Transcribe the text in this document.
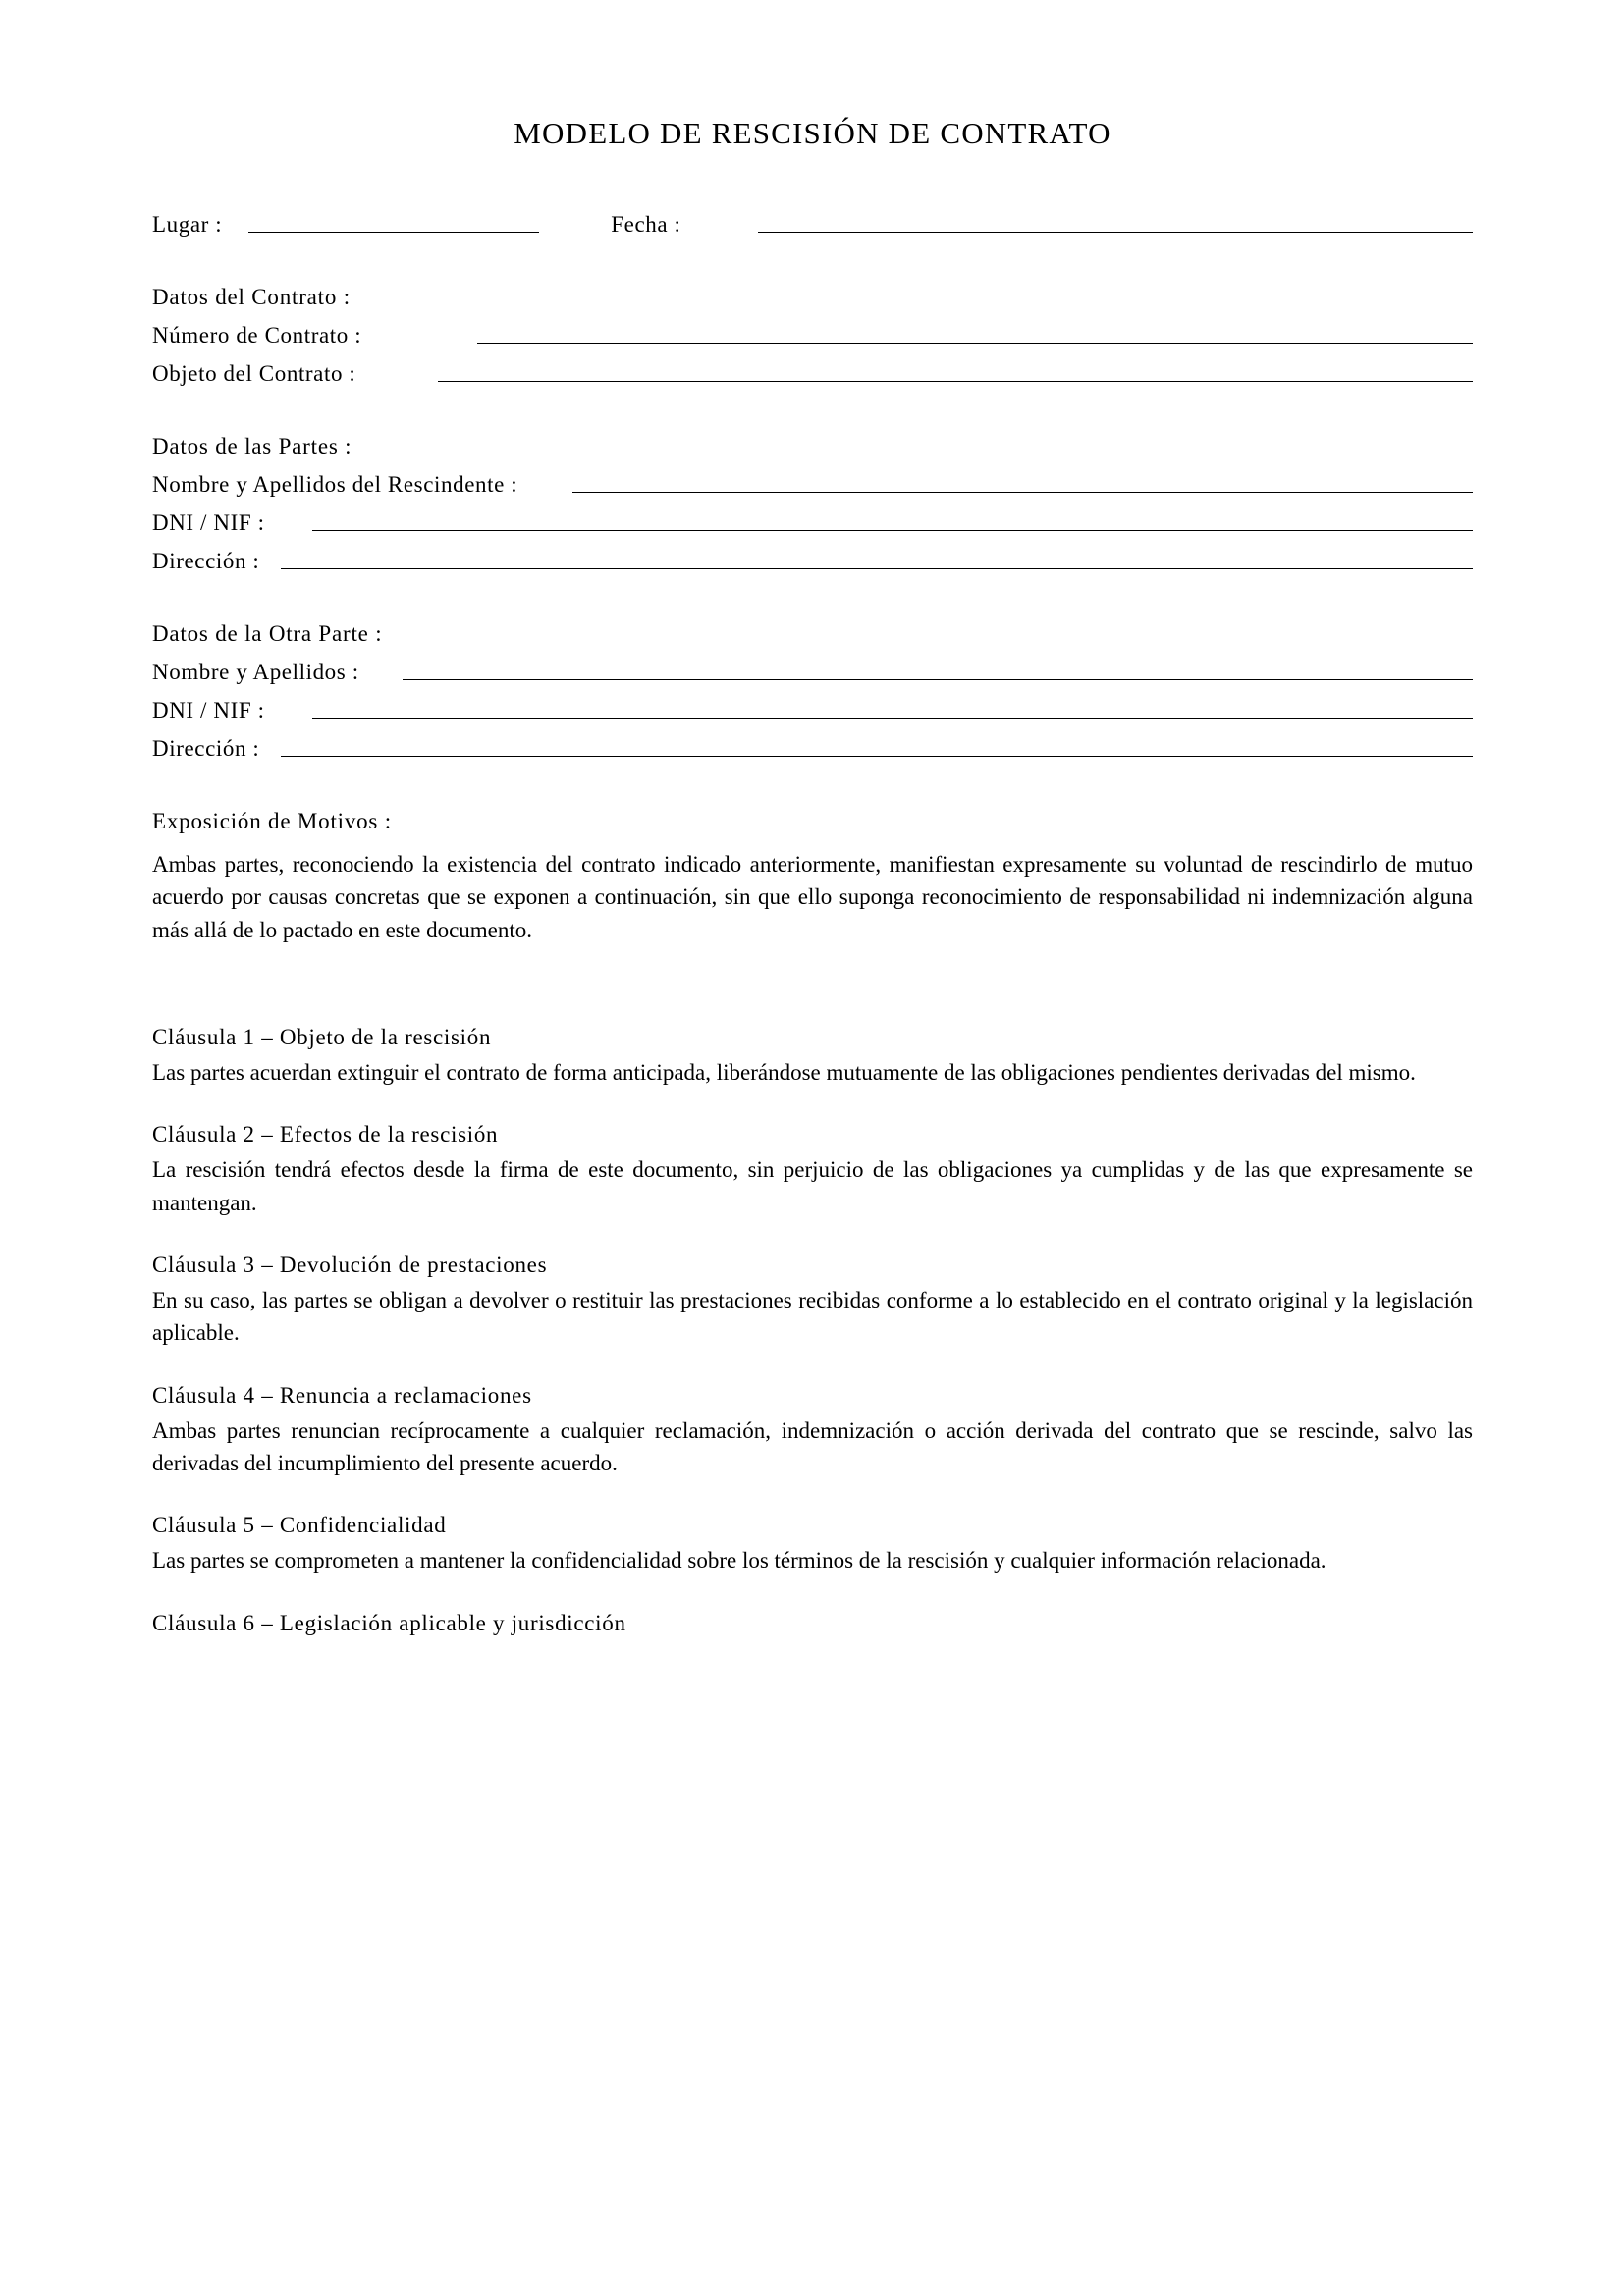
MODELO DE RESCISIÓN DE CONTRATO
Lugar :	Fecha :
Datos del Contrato :
Número de Contrato :
Objeto del Contrato :
Datos de las Partes :
Nombre y Apellidos del Rescindente :
DNI / NIF :
Dirección :
Datos de la Otra Parte :
Nombre y Apellidos :
DNI / NIF :
Dirección :
Exposición de Motivos :

Ambas partes, reconociendo la existencia del contrato indicado anteriormente, manifiestan expresamente su voluntad de rescindirlo de mutuo acuerdo por causas concretas que se exponen a continuación, sin que ello suponga reconocimiento de responsabilidad ni indemnización alguna más allá de lo pactado en este documento.

Cláusula 1 – Objeto de la rescisión

Las partes acuerdan extinguir el contrato de forma anticipada, liberándose mutuamente de las obligaciones pendientes derivadas del mismo.

Cláusula 2 – Efectos de la rescisión

La rescisión tendrá efectos desde la firma de este documento, sin perjuicio de las obligaciones ya cumplidas y de las que expresamente se mantengan.

Cláusula 3 – Devolución de prestaciones

En su caso, las partes se obligan a devolver o restituir las prestaciones recibidas conforme a lo establecido en el contrato original y la legislación aplicable.

Cláusula 4 – Renuncia a reclamaciones

Ambas partes renuncian recíprocamente a cualquier reclamación, indemnización o acción derivada del contrato que se rescinde, salvo las derivadas del incumplimiento del presente acuerdo.

Cláusula 5 – Confidencialidad

Las partes se comprometen a mantener la confidencialidad sobre los términos de la rescisión y cualquier información relacionada.

Cláusula 6 – Legislación aplicable y jurisdicción
